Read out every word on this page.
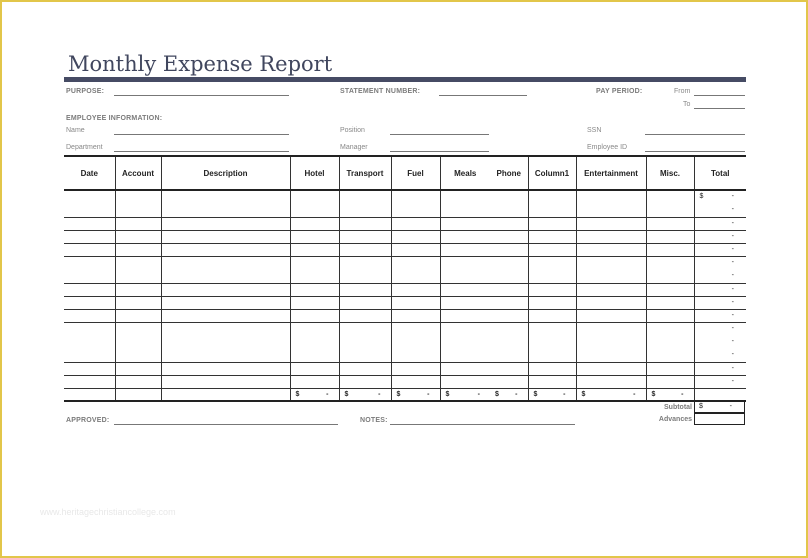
Monthly Expense Report
PURPOSE:	STATEMENT NUMBER:	PAY PERIOD:	From
To
EMPLOYEE INFORMATION:
Name	Position	SSN
Department	Manager	Employee ID
Date	Account	Description	Hotel	Transport	Fuel	Meals	Phone	Column1	Entertainment	Misc.	Total

											$ -
-

											-

											-

											-

											-
-

											-

											-

											-

											-
-
-

											-

											-

			$ -	$ -	$ -	$ -	$ -	$ -	$ -	$ -	

Subtotal $	-
Advances
APPROVED:	NOTES:
www.heritagechristiancollege.com
